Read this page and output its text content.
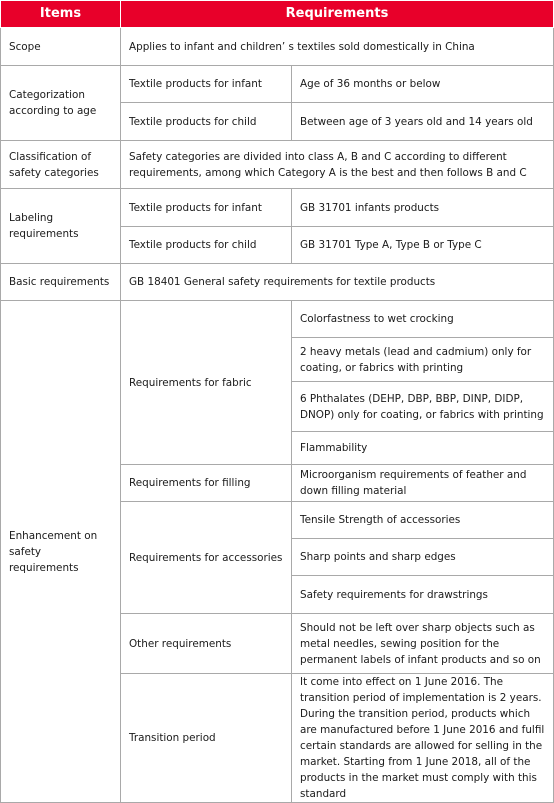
Items	Requirements	
Scope	Applies to infant and children’ s textiles sold domestically in China	
Categorization according to age	Textile products for infant	Age of 36 months or below
	Textile products for child	Between age of 3 years old and 14 years old
Classification of safety categories	Safety categories are divided into class A, B and C according to different requirements, among which Category A is the best and then follows B and C	
Labeling requirements	Textile products for infant	GB 31701 infants products
	Textile products for child	GB 31701 Type A, Type B or Type C
Basic requirements	GB 18401 General safety requirements for textile products	
Enhancement on safety requirements	Requirements for fabric	Colorfastness to wet crocking
		2 heavy metals (lead and cadmium) only for coating, or fabrics with printing
		6 Phthalates (DEHP, DBP, BBP, DINP, DIDP, DNOP) only for coating, or fabrics with printing
		Flammability
	Requirements for filling	Microorganism requirements of feather and down filling material
	Requirements for accessories	Tensile Strength of accessories
		Sharp points and sharp edges
		Safety requirements for drawstrings
	Other requirements	Should not be left over sharp objects such as metal needles, sewing position for the permanent labels of infant products and so on
	Transition period	It come into effect on 1 June 2016. The transition period of implementation is 2 years. During the transition period, products which are manufactured before 1 June 2016 and fulfil certain standards are allowed for selling in the market. Starting from 1 June 2018, all of the products in the market must comply with this standard
